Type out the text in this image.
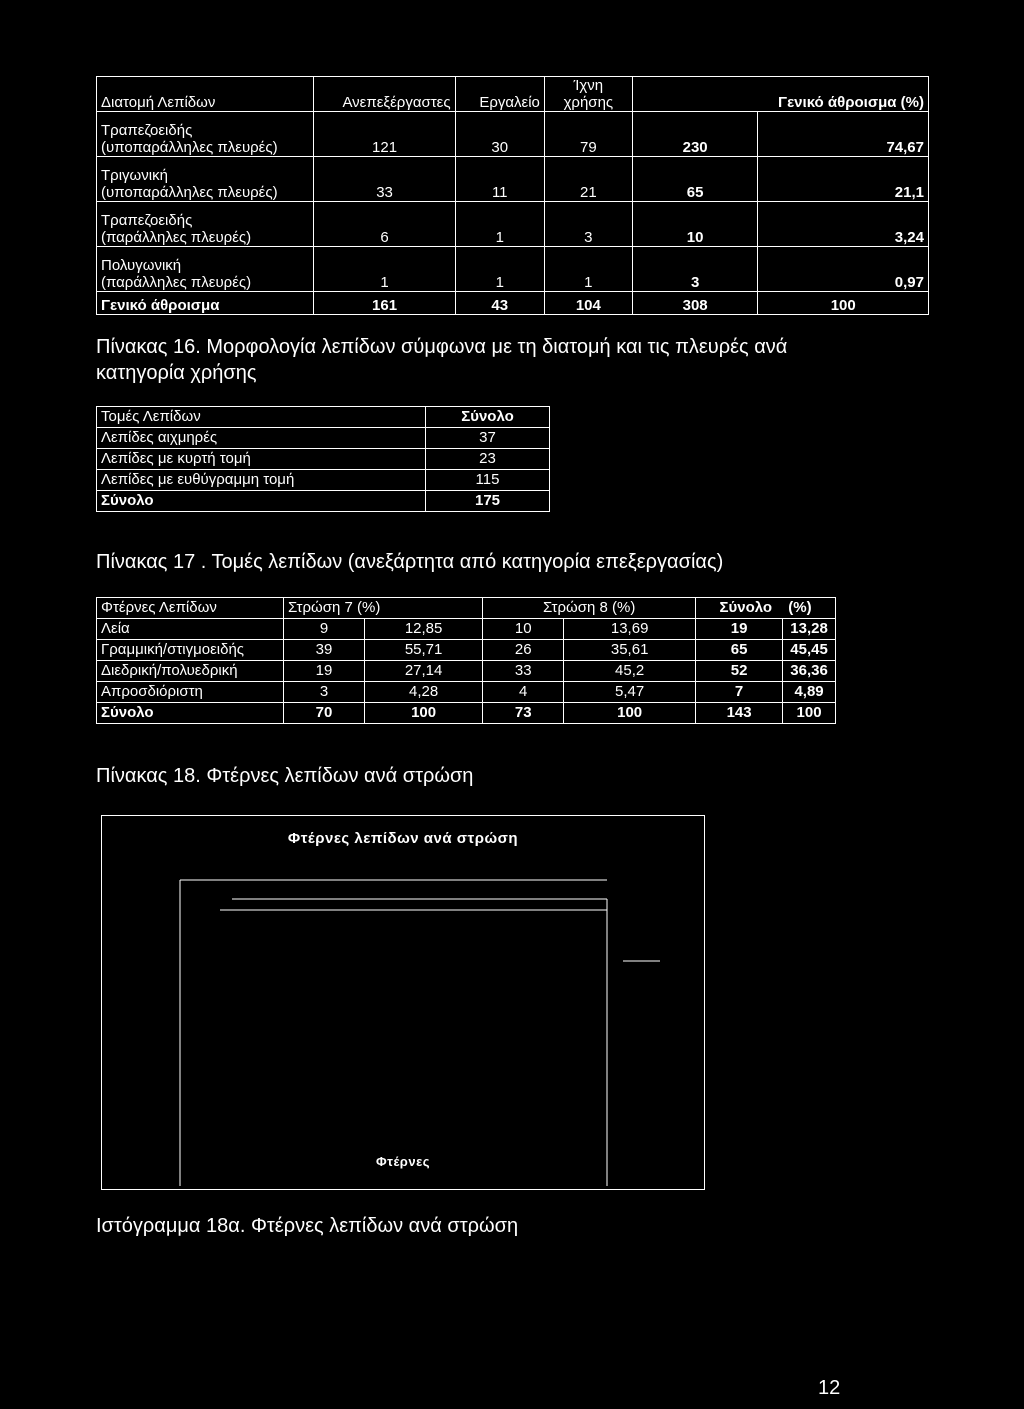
Διατομή Λεπίδων	Ανεπεξέργαστες	Εργαλείο	Ίχνη χρήσης	Γενικό άθροισμα (%)	

Τραπεζοειδής
(υποπαράλληλες πλευρές)	121	30	79	230	74,67

Τριγωνική
(υποπαράλληλες πλευρές)	33	11	21	65	21,1

Τραπεζοειδής
(παράλληλες πλευρές)	6	1	3	10	3,24

Πολυγωνική
(παράλληλες πλευρές)	1	1	1	3	0,97
Γενικό άθροισμα	161	43	104	308	100

Πίνακας 16. Μορφολογία λεπίδων σύμφωνα με τη διατομή και τις πλευρές ανά
κατηγορία χρήσης

Τομές Λεπίδων	Σύνολο
Λεπίδες αιχμηρές	37
Λεπίδες με κυρτή τομή	23
Λεπίδες με ευθύγραμμη τομή	115
Σύνολο	175

Πίνακας 17 . Τομές λεπίδων (ανεξάρτητα από κατηγορία επεξεργασίας)

Φτέρνες Λεπίδων	Στρώση 7 (%)		Στρώση 8 (%)		Σύνολο (%)	
Λεία	9	12,85	10	13,69	19	13,28
Γραμμική/στιγμοειδής	39	55,71	26	35,61	65	45,45
Διεδρική/πολυεδρική	19	27,14	33	45,2	52	36,36
Απροσδιόριστη	3	4,28	4	5,47	7	4,89
Σύνολο	70	100	73	100	143	100

Πίνακας 18. Φτέρνες λεπίδων ανά στρώση

Φτέρνες λεπίδων ανά στρώση
Φτέρνες

Ιστόγραμμα 18α. Φτέρνες λεπίδων ανά στρώση

12
